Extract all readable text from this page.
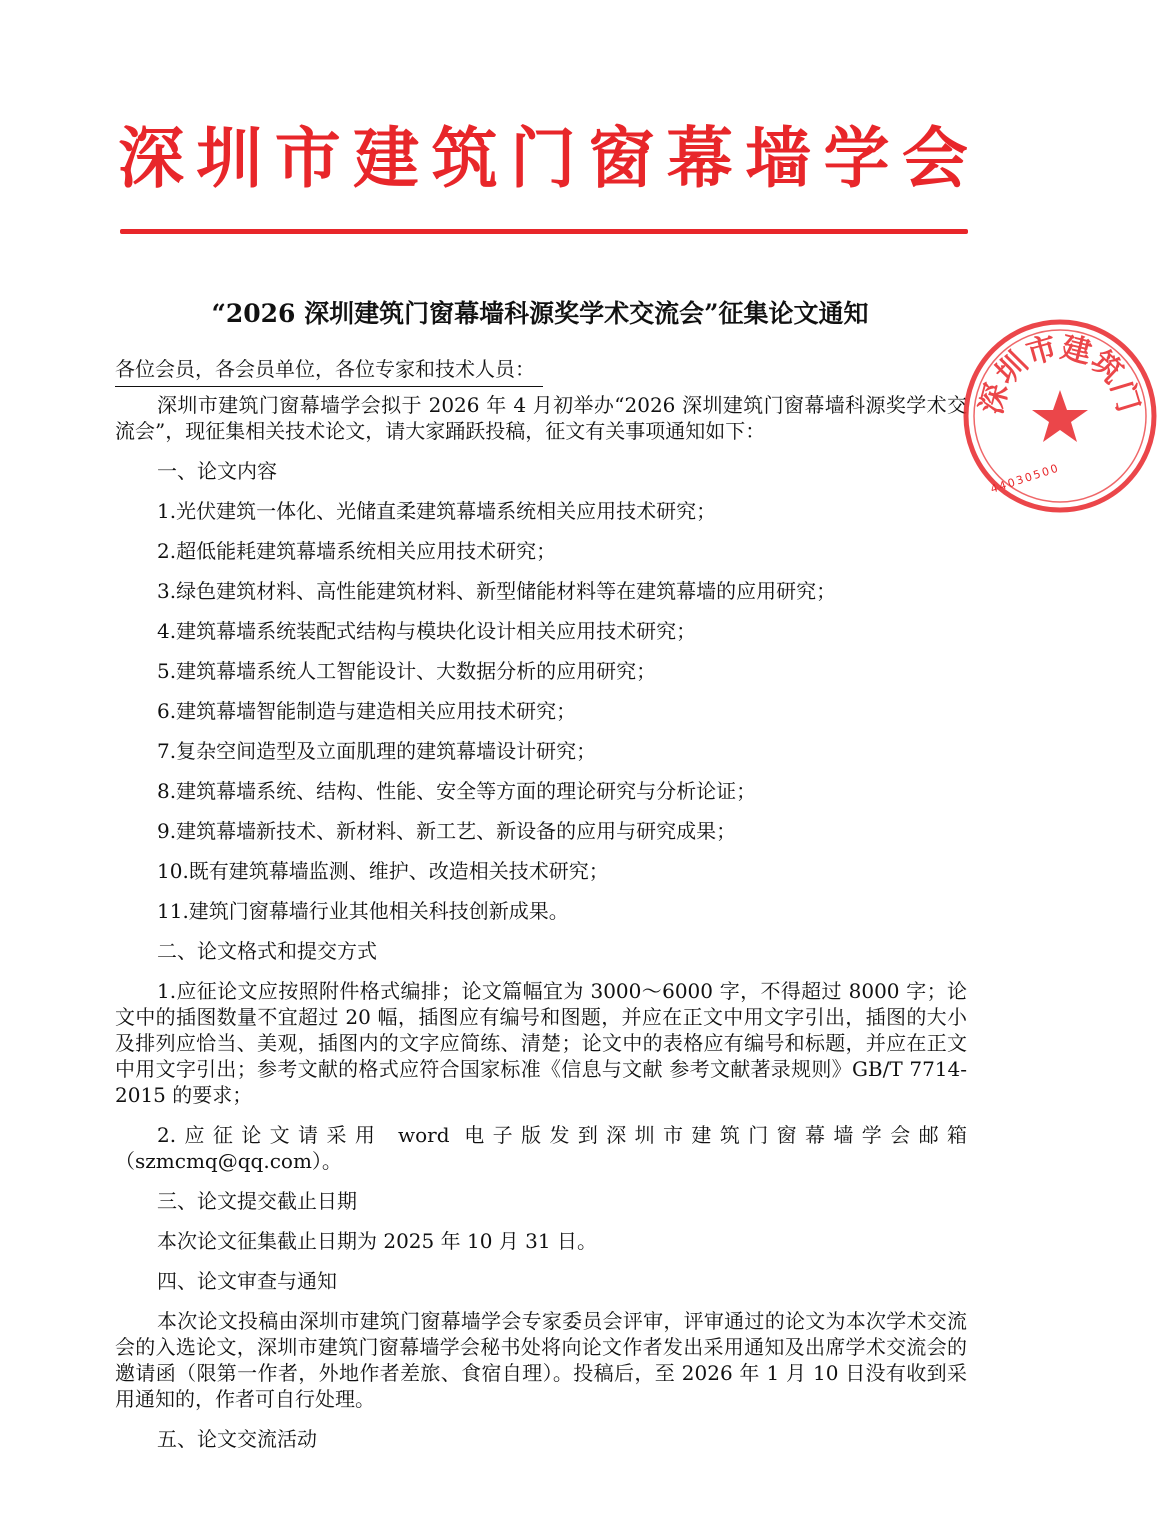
深 圳 市 建 筑 门 窗 幕 墙 学 会
“2026 深圳建筑门窗幕墙科源奖学术交流会”征集论文通知
各位会员，各会员单位，各位专家和技术人员：

深圳市建筑门窗幕墙学会拟于 2026 年 4 月初举办“2026 深圳建筑门窗幕墙科源奖学术交流会”，现征集相关技术论文，请大家踊跃投稿，征文有关事项通知如下：

一、论文内容

1.光伏建筑一体化、光储直柔建筑幕墙系统相关应用技术研究；

2.超低能耗建筑幕墙系统相关应用技术研究；

3.绿色建筑材料、高性能建筑材料、新型储能材料等在建筑幕墙的应用研究；

4.建筑幕墙系统装配式结构与模块化设计相关应用技术研究；

5.建筑幕墙系统人工智能设计、大数据分析的应用研究；

6.建筑幕墙智能制造与建造相关应用技术研究；

7.复杂空间造型及立面肌理的建筑幕墙设计研究；

8.建筑幕墙系统、结构、性能、安全等方面的理论研究与分析论证；

9.建筑幕墙新技术、新材料、新工艺、新设备的应用与研究成果；

10.既有建筑幕墙监测、维护、改造相关技术研究；

11.建筑门窗幕墙行业其他相关科技创新成果。

二、论文格式和提交方式

1.应征论文应按照附件格式编排；论文篇幅宜为 3000～6000 字，不得超过 8000 字；论文中的插图数量不宜超过 20 幅，插图应有编号和图题，并应在正文中用文字引出，插图的大小及排列应恰当、美观，插图内的文字应简练、清楚；论文中的表格应有编号和标题，并应在正文中用文字引出；参考文献的格式应符合国家标准《信息与文献 参考文献著录规则》GB/T 7714-2015 的要求；

2.应征论文请采用 word 电子版发到深圳市建筑门窗幕墙学会邮箱（szmcmq@qq.com）。

三、论文提交截止日期

本次论文征集截止日期为 2025 年 10 月 31 日。

四、论文审查与通知

本次论文投稿由深圳市建筑门窗幕墙学会专家委员会评审，评审通过的论文为本次学术交流会的入选论文，深圳市建筑门窗幕墙学会秘书处将向论文作者发出采用通知及出席学术交流会的邀请函（限第一作者，外地作者差旅、食宿自理）。投稿后，至 2026 年 1 月 10 日没有收到采用通知的，作者可自行处理。

五、论文交流活动

深圳市建筑门
44030500
